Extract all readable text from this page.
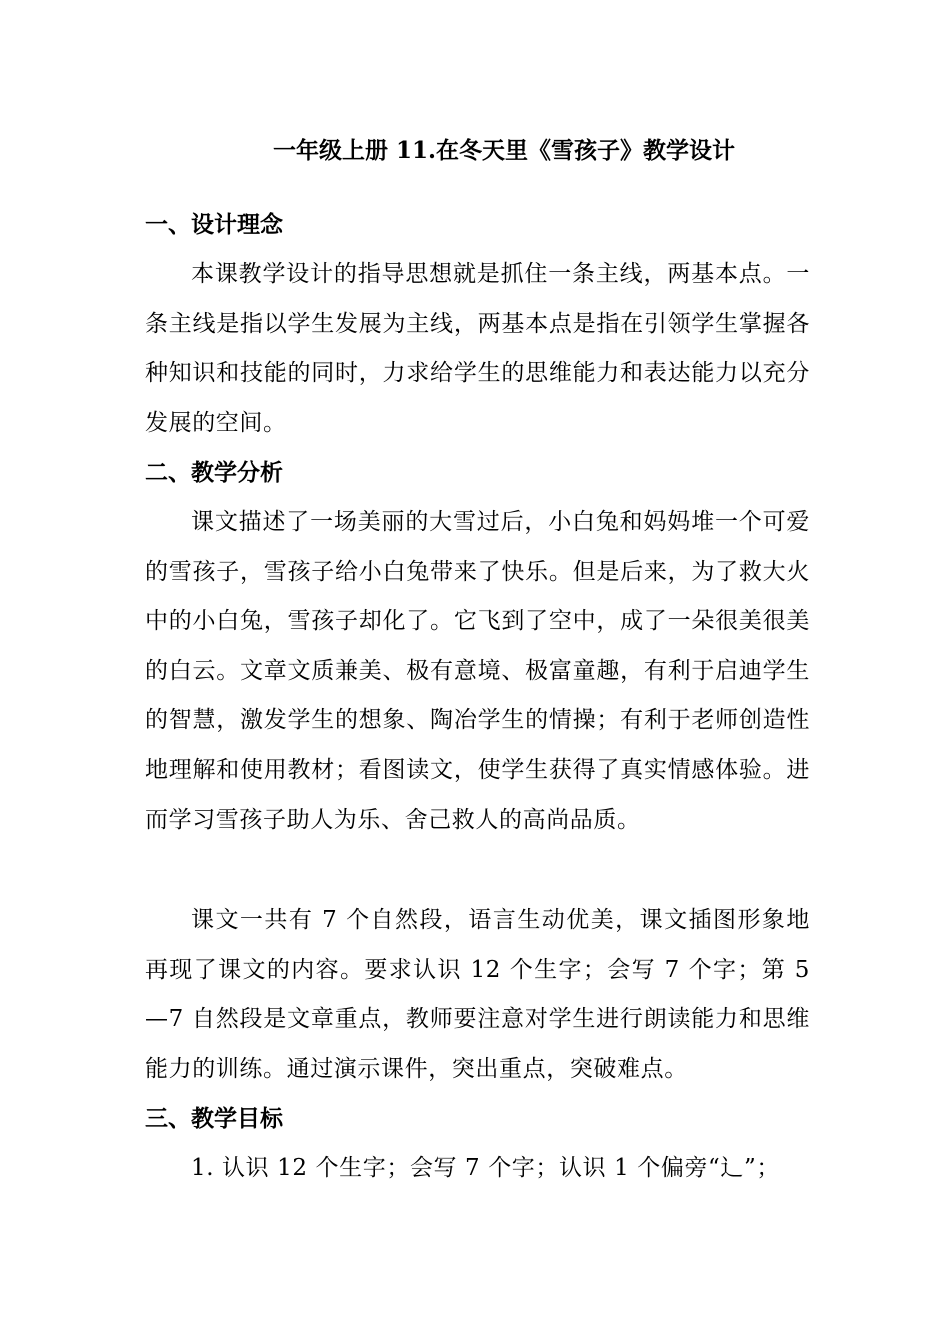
一年级上册 11.在冬天里《雪孩子》教学设计
一、设计理念
本课教学设计的指导思想就是抓住一条主线，两基本点。一条主线是指以学生发展为主线，两基本点是指在引领学生掌握各种知识和技能的同时，力求给学生的思维能力和表达能力以充分发展的空间。
二、教学分析
课文描述了一场美丽的大雪过后，小白兔和妈妈堆一个可爱的雪孩子，雪孩子给小白兔带来了快乐。但是后来，为了救大火中的小白兔，雪孩子却化了。它飞到了空中，成了一朵很美很美的白云。文章文质兼美、极有意境、极富童趣，有利于启迪学生的智慧，激发学生的想象、陶冶学生的情操；有利于老师创造性地理解和使用教材；看图读文，使学生获得了真实情感体验。进而学习雪孩子助人为乐、舍己救人的高尚品质。
课文一共有 7 个自然段，语言生动优美，课文插图形象地再现了课文的内容。要求认识 12 个生字；会写 7 个字；第 5—7 自然段是文章重点，教师要注意对学生进行朗读能力和思维能力的训练。通过演示课件，突出重点，突破难点。
三、教学目标
1. 认识 12 个生字；会写 7 个字；认识 1 个偏旁“辶”；
